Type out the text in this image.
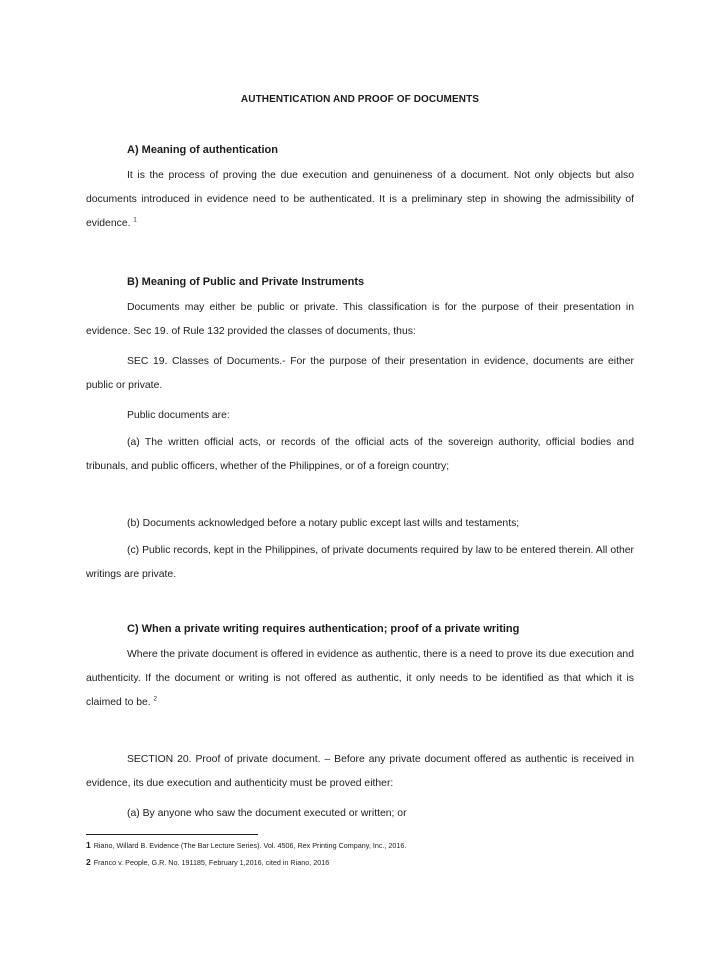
AUTHENTICATION AND PROOF OF DOCUMENTS
A) Meaning of authentication

It is the process of proving the due execution and genuineness of a document. Not only objects but also documents introduced in evidence need to be authenticated. It is a preliminary step in showing the admissibility of evidence. $^1$

B) Meaning of Public and Private Instruments

Documents may either be public or private. This classification is for the purpose of their presentation in evidence. Sec 19. of Rule 132 provided the classes of documents, thus:

SEC 19. Classes of Documents.- For the purpose of their presentation in evidence, documents are either public or private.

Public documents are:

(a) The written official acts, or records of the official acts of the sovereign authority, official bodies and tribunals, and public officers, whether of the Philippines, or of a foreign country;

(b) Documents acknowledged before a notary public except last wills and testaments;

(c) Public records, kept in the Philippines, of private documents required by law to be entered therein. All other writings are private.

C) When a private writing requires authentication; proof of a private writing

Where the private document is offered in evidence as authentic, there is a need to prove its due execution and authenticity. If the document or writing is not offered as authentic, it only needs to be identified as that which it is claimed to be. $^2$

SECTION 20. Proof of private document. – Before any private document offered as authentic is received in evidence, its due execution and authenticity must be proved either:

(a) By anyone who saw the document executed or written; or
1 Riano, Willard B. Evidence (The Bar Lecture Series). Vol. 4506, Rex Printing Company, Inc., 2016.
2 Franco v. People, G.R. No. 191185, February 1,2016, cited in Riano, 2016
